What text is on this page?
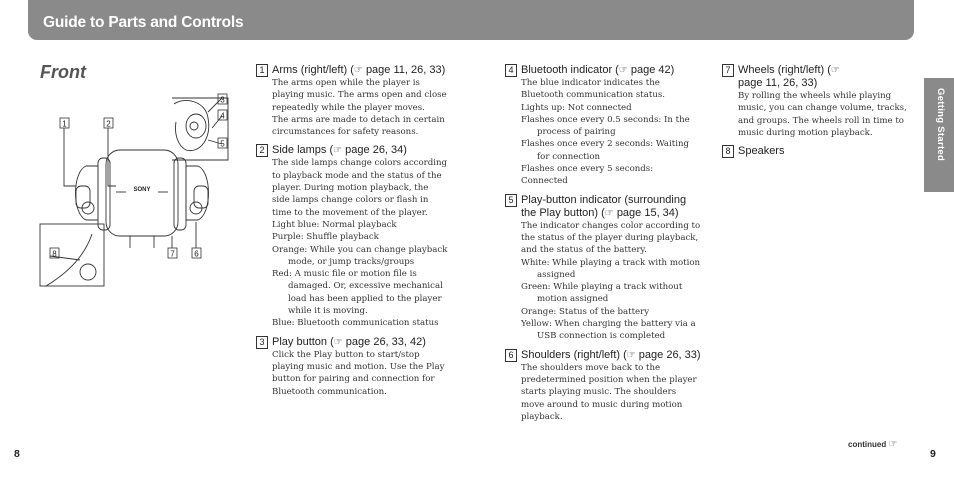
Guide to Parts and Controls
Front
Getting Started
1	2
3
4
5
7 6
8
SONY
1 Arms (right/left) (☞ page 11, 26, 33)
The arms open while the player is playing music. The arms open and close repeatedly while the player moves.
The arms are made to detach in certain circumstances for safety reasons.
2 Side lamps (☞ page 26, 34)
The side lamps change colors according to playback mode and the status of the player. During motion playback, the side lamps change colors or flash in time to the movement of the player.
Light blue: Normal playback
Purple: Shuffle playback
Orange: While you can change playback mode, or jump tracks/groups
Red: A music file or motion file is damaged. Or, excessive mechanical load has been applied to the player while it is moving.
Blue: Bluetooth communication status
3 Play button (☞ page 26, 33, 42)
Click the Play button to start/stop playing music and motion. Use the Play button for pairing and connection for Bluetooth communication.
4 Bluetooth indicator (☞ page 42)
The blue indicator indicates the Bluetooth communication status.
Lights up: Not connected
Flashes once every 0.5 seconds: In the process of pairing
Flashes once every 2 seconds: Waiting for connection
Flashes once every 5 seconds: Connected
5 Play-button indicator (surrounding the Play button) (☞ page 15, 34)
The indicator changes color according to the status of the player during playback, and the status of the battery.
White: While playing a track with motion assigned
Green: While playing a track without motion assigned
Orange: Status of the battery
Yellow: When charging the battery via a USB connection is completed
6 Shoulders (right/left) (☞ page 26, 33)
The shoulders move back to the predetermined position when the player starts playing music. The shoulders move around to music during motion playback.
7 Wheels (right/left) (☞ page 11, 26, 33)
By rolling the wheels while playing music, you can change volume, tracks, and groups. The wheels roll in time to music during motion playback.
8 Speakers
8	9
continued ☞
